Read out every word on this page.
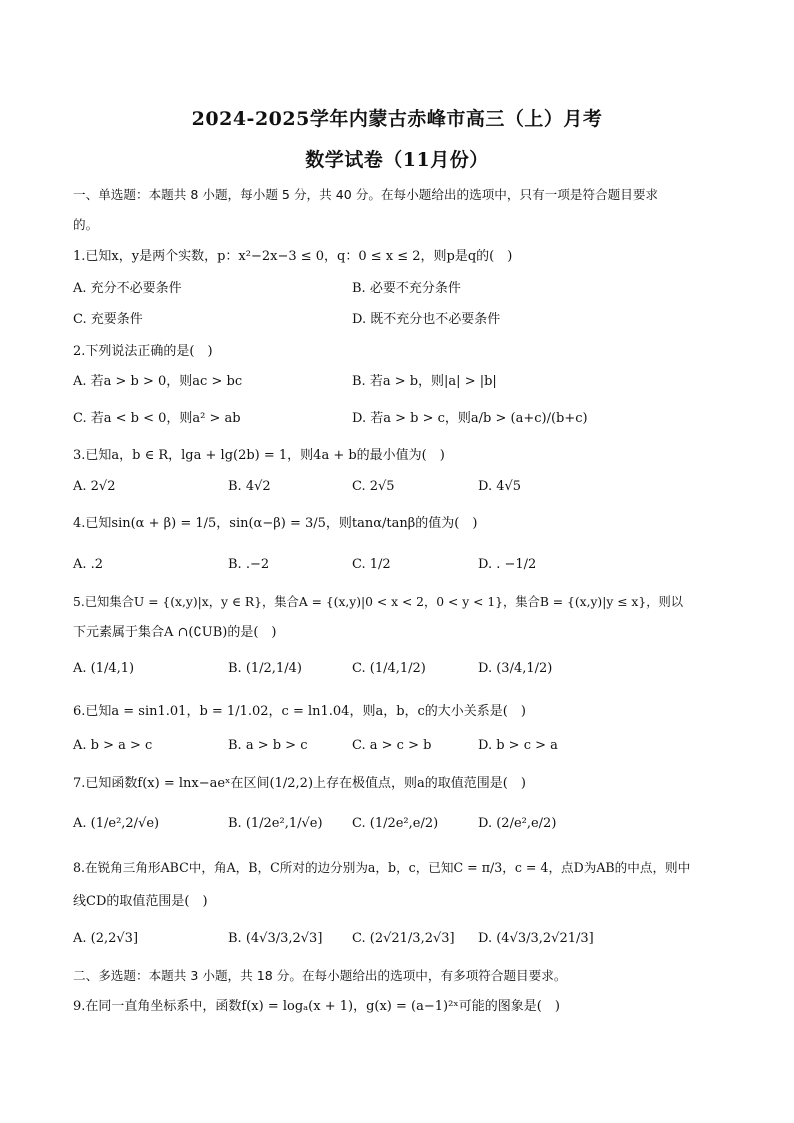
2024-2025学年内蒙古赤峰市高三（上）月考
数学试卷（11月份）
一、单选题：本题共 8 小题，每小题 5 分，共 40 分。在每小题给出的选项中，只有一项是符合题目要求
的。
1.已知x，y是两个实数，p：x²−2x−3 ≤ 0，q：0 ≤ x ≤ 2，则p是q的(　)
A. 充分不必要条件	B. 必要不充分条件
C. 充要条件	D. 既不充分也不必要条件
2.下列说法正确的是(　)
A. 若a > b > 0，则ac > bc	B. 若a > b，则|a| > |b|
C. 若a < b < 0，则a² > ab	D. 若a > b > c，则a/b > (a+c)/(b+c)
3.已知a，b ∈ R，lga + lg(2b) = 1，则4a + b的最小值为(　)
A. 2√2	B. 4√2	C. 2√5	D. 4√5
4.已知sin(α + β) = 1/5，sin(α−β) = 3/5，则tanα/tanβ的值为(　)
A. .2	B. .−2	C. 1/2	D. . −1/2
5.已知集合U = {(x,y)|x，y ∈ R}，集合A = {(x,y)|0 < x < 2，0 < y < 1}，集合B = {(x,y)|y ≤ x}，则以
下元素属于集合A ∩(∁UB)的是(　)
A. (1/4,1)	B. (1/2,1/4)	C. (1/4,1/2)	D. (3/4,1/2)
6.已知a = sin1.01，b = 1/1.02，c = ln1.04，则a，b，c的大小关系是(　)
A. b > a > c	B. a > b > c	C. a > c > b	D. b > c > a
7.已知函数f(x) = lnx−aeˣ在区间(1/2,2)上存在极值点，则a的取值范围是(　)
A. (1/e²,2/√e)	B. (1/2e²,1/√e) C. (1/2e²,e/2)	D. (2/e²,e/2)
8.在锐角三角形ABC中，角A，B，C所对的边分别为a，b，c，已知C = π/3，c = 4，点D为AB的中点，则中
线CD的取值范围是(　)
A. (2,2√3]	B. (4√3/3,2√3] C. (2√21/3,2√3] D. (4√3/3,2√21/3]
二、多选题：本题共 3 小题，共 18 分。在每小题给出的选项中，有多项符合题目要求。
9.在同一直角坐标系中，函数f(x) = logₐ(x + 1)，g(x) = (a−1)²ˣ可能的图象是(　)
